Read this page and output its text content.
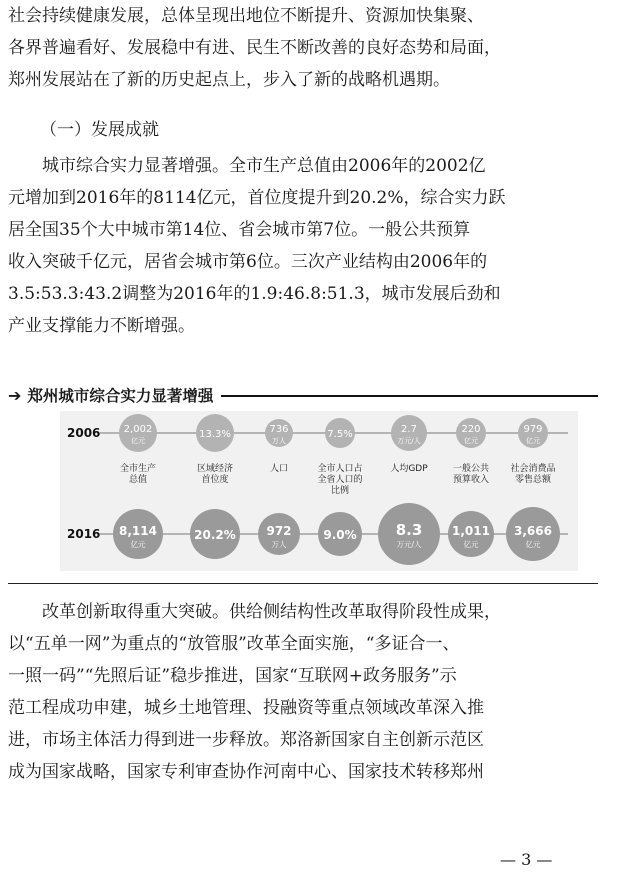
社会持续健康发展，总体呈现出地位不断提升、资源加快集聚、

各界普遍看好、发展稳中有进、民生不断改善的良好态势和局面，

郑州发展站在了新的历史起点上，步入了新的战略机遇期。

（一）发展成就

城市综合实力显著增强。全市生产总值由2006年的2002亿

元增加到2016年的8114亿元，首位度提升到20.2%，综合实力跃

居全国35个大中城市第14位、省会城市第7位。一般公共预算

收入突破千亿元，居省会城市第6位。三次产业结构由2006年的

3.5:53.3:43.2调整为2016年的1.9:46.8:51.3，城市发展后劲和

产业支撑能力不断增强。

➔ 郑州城市综合实力显著增强
2006
2016
2,002
亿元
全市生产
总值
8,114
亿元
13.3%
区域经济
首位度
20.2%
736
万人
人口
972
万人
7.5%
全市人口占
全省人口的
比例
9.0%
2.7
万元/人
人均GDP
8.3
万元/人
220
亿元
一般公共
预算收入
1,011
亿元
979
亿元
社会消费品
零售总额
3,666
亿元

改革创新取得重大突破。供给侧结构性改革取得阶段性成果，

以“五单一网”为重点的“放管服”改革全面实施，“多证合一、

一照一码”“先照后证”稳步推进，国家“互联网+政务服务”示

范工程成功申建，城乡土地管理、投融资等重点领域改革深入推

进，市场主体活力得到进一步释放。郑洛新国家自主创新示范区

成为国家战略，国家专利审查协作河南中心、国家技术转移郑州

— 3 —
